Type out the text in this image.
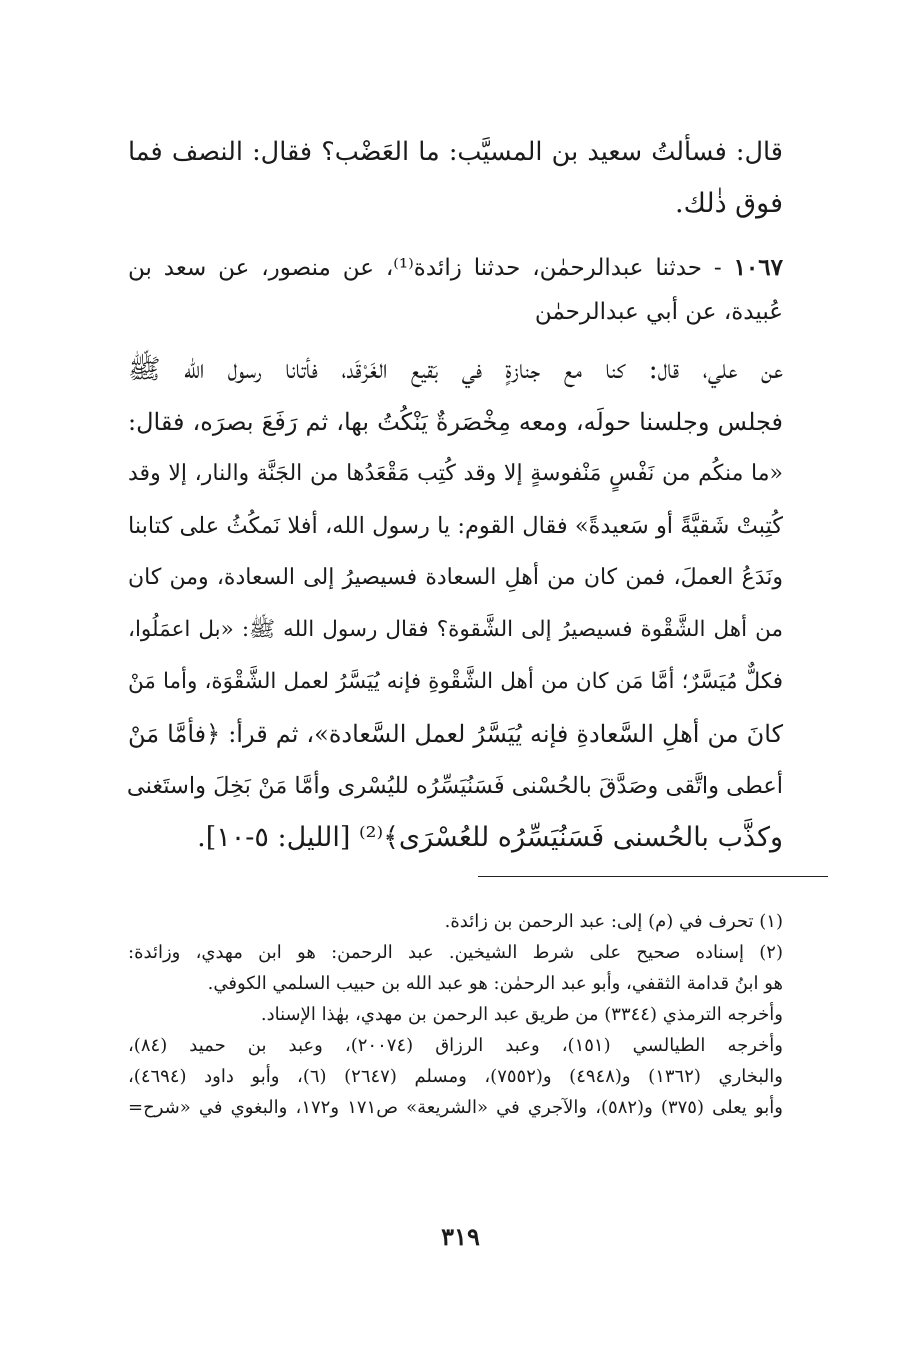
قال: فسألتُ سعيد بن المسيَّب: ما العَضْب؟ فقال: النصف فما
فوق ذٰلك.
١٠٦٧ - حدثنا عبدالرحمٰن، حدثنا زائدة⁽¹⁾، عن منصور، عن سعد بن
عُبيدة، عن أبي عبدالرحمٰن
عن علي، قال: كنا مع جنازةٍ في بَقيع الغَرْقَد، فأتانا رسول الله ﷺ
فجلس وجلسنا حولَه، ومعه مِخْصَرةٌ يَنْكُتُ بها، ثم رَفَعَ بصرَه، فقال:
«ما منكُم من نَفْسٍ مَنْفوسةٍ إلا وقد كُتِب مَقْعَدُها من الجَنَّة والنار، إلا وقد
كُتِبتْ شَقيَّةً أو سَعيدةً» فقال القوم: يا رسول الله، أفلا نَمكُثُ على كتابنا
ونَدَعُ العملَ، فمن كان من أهلِ السعادة فسيصيرُ إلى السعادة، ومن كان
من أهل الشَّقْوة فسيصيرُ إلى الشَّقوة؟ فقال رسول الله ﷺ: «بل اعمَلُوا،
فكلٌّ مُيَسَّرٌ؛ أمَّا مَن كان من أهل الشَّقْوةِ فإنه يُيَسَّرُ لعمل الشَّقْوَة، وأما مَنْ
كانَ من أهلِ السَّعادةِ فإنه يُيَسَّرُ لعمل السَّعادة»، ثم قرأ: ﴿فأمَّا مَنْ
أعطى واتَّقى وصَدَّقَ بالحُسْنى فَسَنُيَسِّرُه لليُسْرى وأمَّا مَنْ بَخِلَ واستَغنى
وكذَّب بالحُسنى فَسَنُيَسِّرُه للعُسْرَى﴾⁽²⁾ [الليل: ٥-١٠].
(١) تحرف في (م) إلى: عبد الرحمن بن زائدة.
(٢) إسناده صحيح على شرط الشيخين. عبد الرحمن: هو ابن مهدي، وزائدة:
هو ابنُ قدامة الثقفي، وأبو عبد الرحمٰن: هو عبد الله بن حبيب السلمي الكوفي.
وأخرجه الترمذي (٣٣٤٤) من طريق عبد الرحمن بن مهدي، بهٰذا الإسناد.
وأخرجه الطيالسي (١٥١)، وعبد الرزاق (٢٠٠٧٤)، وعبد بن حميد (٨٤)،
والبخاري (١٣٦٢) و(٤٩٤٨) و(٧٥٥٢)، ومسلم (٢٦٤٧) (٦)، وأبو داود (٤٦٩٤)،
وأبو يعلى (٣٧٥) و(٥٨٢)، والآجري في «الشريعة» ص١٧١ و١٧٢، والبغوي في «شرح=
٣١٩
